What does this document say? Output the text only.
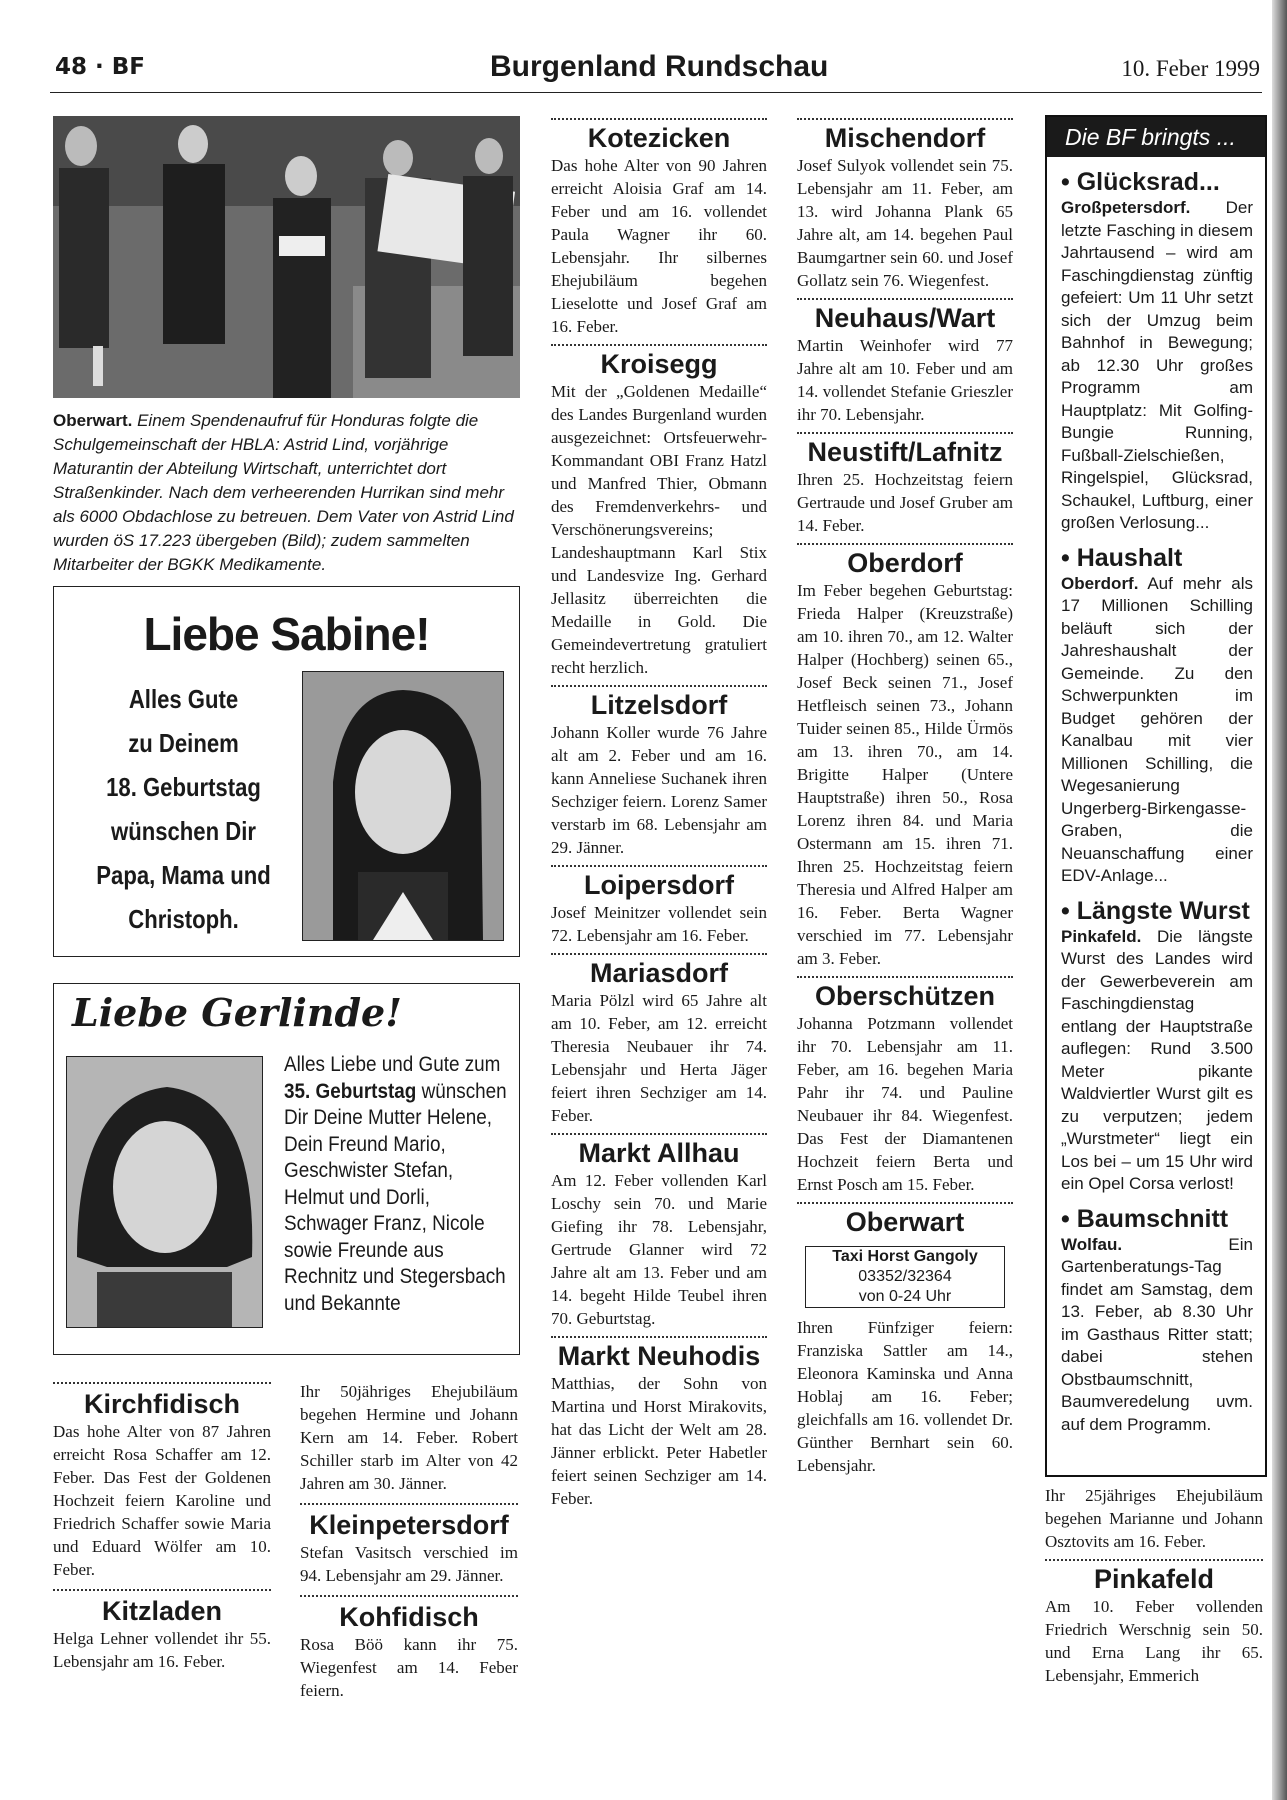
48 · BF	Burgenland Rundschau	10. Feber 1999
Oberwart. Einem Spendenaufruf für Honduras folgte die Schulgemeinschaft der HBLA: Astrid Lind, vorjährige Maturantin der Abteilung Wirtschaft, unterrichtet dort Straßenkinder. Nach dem verheerenden Hurrikan sind mehr als 6000 Obdachlose zu betreuen. Dem Vater von Astrid Lind wurden öS 17.223 übergeben (Bild); zudem sammelten Mitarbeiter der BGKK Medikamente.
Liebe Sabine!
Alles Gute
zu Deinem
18. Geburtstag
wünschen Dir
Papa, Mama und
Christoph.
Liebe Gerlinde!
Alles Liebe und Gute zum 35. Geburtstag wünschen Dir Deine Mutter Helene, Dein Freund Mario, Geschwister Stefan, Helmut und Dorli, Schwager Franz, Nicole sowie Freunde aus Rechnitz und Stegersbach und Bekannte
Kirchfidisch

Das hohe Alter von 87 Jahren erreicht Rosa Schaffer am 12. Feber. Das Fest der Goldenen Hochzeit feiern Karoline und Friedrich Schaffer sowie Maria und Eduard Wölfer am 10. Feber.

Kitzladen

Helga Lehner vollendet ihr 55. Lebensjahr am 16. Feber.

Ihr 50jähriges Ehejubiläum begehen Hermine und Johann Kern am 14. Feber. Robert Schiller starb im Alter von 42 Jahren am 30. Jänner.

Kleinpetersdorf

Stefan Vasitsch verschied im 94. Lebensjahr am 29. Jänner.

Kohfidisch

Rosa Böö kann ihr 75. Wiegenfest am 14. Feber feiern.

Kotezicken

Das hohe Alter von 90 Jahren erreicht Aloisia Graf am 14. Feber und am 16. vollendet Paula Wagner ihr 60. Lebensjahr. Ihr silbernes Ehejubiläum begehen Lieselotte und Josef Graf am 16. Feber.

Kroisegg

Mit der „Goldenen Medaille“ des Landes Burgenland wurden ausgezeichnet: Ortsfeuerwehr-Kommandant OBI Franz Hatzl und Manfred Thier, Obmann des Fremdenverkehrs- und Verschönerungsvereins; Landeshauptmann Karl Stix und Landesvize Ing. Gerhard Jellasitz überreichten die Medaille in Gold. Die Gemeindevertretung gratuliert recht herzlich.

Litzelsdorf

Johann Koller wurde 76 Jahre alt am 2. Feber und am 16. kann Anneliese Suchanek ihren Sechziger feiern. Lorenz Samer verstarb im 68. Lebensjahr am 29. Jänner.

Loipersdorf

Josef Meinitzer vollendet sein 72. Lebensjahr am 16. Feber.

Mariasdorf

Maria Pölzl wird 65 Jahre alt am 10. Feber, am 12. erreicht Theresia Neubauer ihr 74. Lebensjahr und Herta Jäger feiert ihren Sechziger am 14. Feber.

Markt Allhau

Am 12. Feber vollenden Karl Loschy sein 70. und Marie Giefing ihr 78. Lebensjahr, Gertrude Glanner wird 72 Jahre alt am 13. Feber und am 14. begeht Hilde Teubel ihren 70. Geburtstag.

Markt Neuhodis

Matthias, der Sohn von Martina und Horst Mirakovits, hat das Licht der Welt am 28. Jänner erblickt. Peter Habetler feiert seinen Sechziger am 14. Feber.

Mischendorf

Josef Sulyok vollendet sein 75. Lebensjahr am 11. Feber, am 13. wird Johanna Plank 65 Jahre alt, am 14. begehen Paul Baumgartner sein 60. und Josef Gollatz sein 76. Wiegenfest.

Neuhaus/Wart

Martin Weinhofer wird 77 Jahre alt am 10. Feber und am 14. vollendet Stefanie Grieszler ihr 70. Lebensjahr.

Neustift/Lafnitz

Ihren 25. Hochzeitstag feiern Gertraude und Josef Gruber am 14. Feber.

Oberdorf

Im Feber begehen Geburtstag: Frieda Halper (Kreuzstraße) am 10. ihren 70., am 12. Walter Halper (Hochberg) seinen 65., Josef Beck seinen 71., Josef Hetfleisch seinen 73., Johann Tuider seinen 85., Hilde Ürmös am 13. ihren 70., am 14. Brigitte Halper (Untere Hauptstraße) ihren 50., Rosa Lorenz ihren 84. und Maria Ostermann am 15. ihren 71. Ihren 25. Hochzeitstag feiern Theresia und Alfred Halper am 16. Feber. Berta Wagner verschied im 77. Lebensjahr am 3. Feber.

Oberschützen

Johanna Potzmann vollendet ihr 70. Lebensjahr am 11. Feber, am 16. begehen Maria Pahr ihr 74. und Pauline Neubauer ihr 84. Wiegenfest. Das Fest der Diamantenen Hochzeit feiern Berta und Ernst Posch am 15. Feber.

Oberwart
Taxi Horst Gangoly
03352/32364
von 0-24 Uhr

Ihren Fünfziger feiern: Franziska Sattler am 14., Eleonora Kaminska und Anna Hoblaj am 16. Feber; gleichfalls am 16. vollendet Dr. Günther Bernhart sein 60. Lebensjahr.

Die BF bringts ...
• Glücksrad...

Großpetersdorf. Der letzte Fasching in diesem Jahrtausend – wird am Faschingdienstag zünftig gefeiert: Um 11 Uhr setzt sich der Umzug beim Bahnhof in Bewegung; ab 12.30 Uhr großes Programm am Hauptplatz: Mit Golfing-Bungie Running, Fußball-Zielschießen, Ringelspiel, Glücksrad, Schaukel, Luftburg, einer großen Verlosung...

• Haushalt

Oberdorf. Auf mehr als 17 Millionen Schilling beläuft sich der Jahreshaushalt der Gemeinde. Zu den Schwerpunkten im Budget gehören der Kanalbau mit vier Millionen Schilling, die Wegesanierung Ungerberg-Birkengasse-Graben, die Neuanschaffung einer EDV-Anlage...

• Längste Wurst

Pinkafeld. Die längste Wurst des Landes wird der Gewerbeverein am Faschingdienstag entlang der Hauptstraße auflegen: Rund 3.500 Meter pikante Waldviertler Wurst gilt es zu verputzen; jedem „Wurstmeter“ liegt ein Los bei – um 15 Uhr wird ein Opel Corsa verlost!

• Baumschnitt

Wolfau. Ein Gartenberatungs-Tag findet am Samstag, dem 13. Feber, ab 8.30 Uhr im Gasthaus Ritter statt; dabei stehen Obstbaumschnitt, Baumveredelung uvm. auf dem Programm.

Ihr 25jähriges Ehejubiläum begehen Marianne und Johann Osztovits am 16. Feber.

Pinkafeld

Am 10. Feber vollenden Friedrich Werschnig sein 50. und Erna Lang ihr 65. Lebensjahr, Emmerich
